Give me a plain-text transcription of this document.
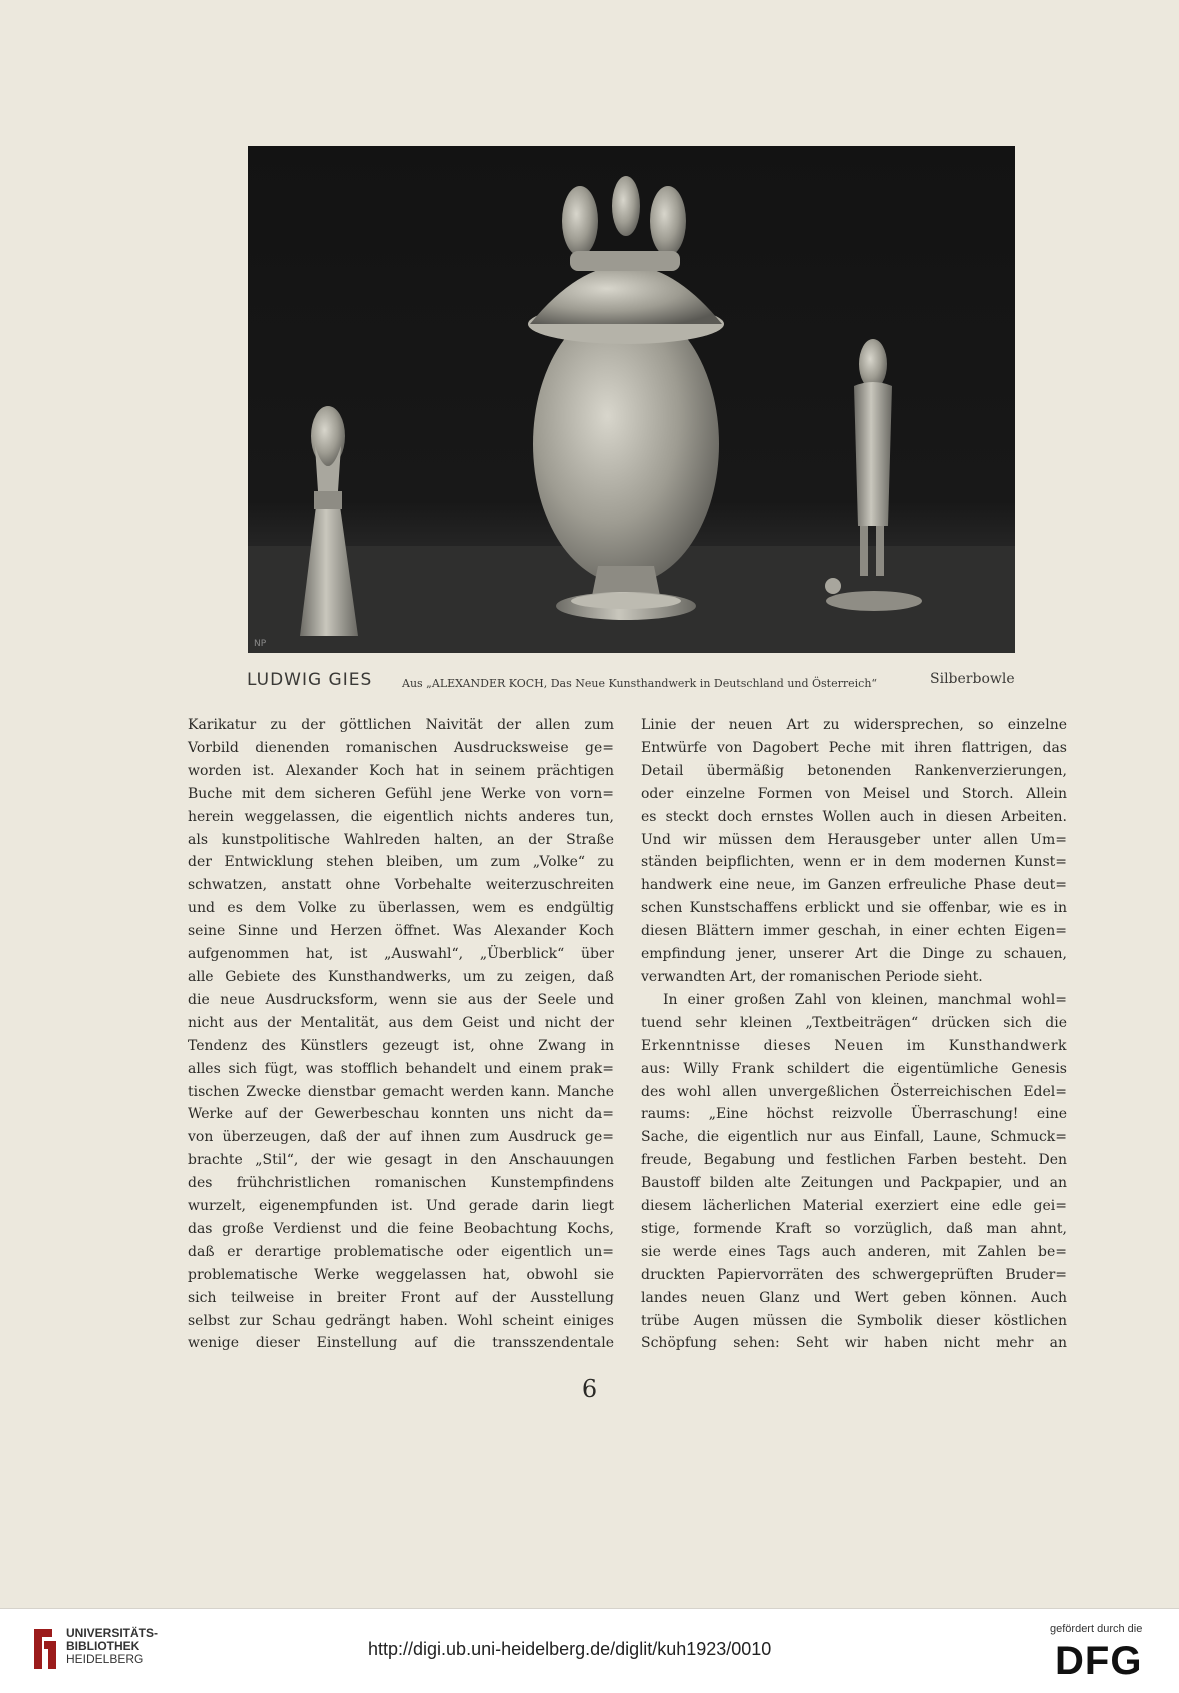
NP
LUDWIG GIES	Aus „ALEXANDER KOCH, Das Neue Kunsthandwerk in Deutschland und Österreich“	Silberbowle
Karikatur zu der göttlichen Naivität der allen zum
Vorbild dienenden romanischen Ausdrucksweise ge=
worden ist. Alexander Koch hat in seinem prächtigen
Buche mit dem sicheren Gefühl jene Werke von vorn=
herein weggelassen, die eigentlich nichts anderes tun,
als kunstpolitische Wahlreden halten, an der Straße
der Entwicklung stehen bleiben, um zum „Volke“ zu
schwatzen, anstatt ohne Vorbehalte weiterzuschreiten
und es dem Volke zu überlassen, wem es endgültig
seine Sinne und Herzen öffnet. Was Alexander Koch
aufgenommen hat, ist „Auswahl“, „Überblick“ über
alle Gebiete des Kunsthandwerks, um zu zeigen, daß
die neue Ausdrucksform, wenn sie aus der Seele und
nicht aus der Mentalität, aus dem Geist und nicht der
Tendenz des Künstlers gezeugt ist, ohne Zwang in
alles sich fügt, was stofflich behandelt und einem prak=
tischen Zwecke dienstbar gemacht werden kann. Manche
Werke auf der Gewerbeschau konnten uns nicht da=
von überzeugen, daß der auf ihnen zum Ausdruck ge=
brachte „Stil“, der wie gesagt in den Anschauungen
des frühchristlichen romanischen Kunstempfindens
wurzelt, eigenempfunden ist. Und gerade darin liegt
das große Verdienst und die feine Beobachtung Kochs,
daß er derartige problematische oder eigentlich un=
problematische Werke weggelassen hat, obwohl sie
sich teilweise in breiter Front auf der Ausstellung
selbst zur Schau gedrängt haben. Wohl scheint einiges
wenige dieser Einstellung auf die transszendentale
Linie der neuen Art zu widersprechen, so einzelne
Entwürfe von Dagobert Peche mit ihren flattrigen, das
Detail übermäßig betonenden Rankenverzierungen,
oder einzelne Formen von Meisel und Storch. Allein
es steckt doch ernstes Wollen auch in diesen Arbeiten.
Und wir müssen dem Herausgeber unter allen Um=
ständen beipflichten, wenn er in dem modernen Kunst=
handwerk eine neue, im Ganzen erfreuliche Phase deut=
schen Kunstschaffens erblickt und sie offenbar, wie es in
diesen Blättern immer geschah, in einer echten Eigen=
empfindung jener, unserer Art die Dinge zu schauen,
verwandten Art, der romanischen Periode sieht.
In einer großen Zahl von kleinen, manchmal wohl=
tuend sehr kleinen „Textbeiträgen“ drücken sich die
Erkenntnisse dieses Neuen im Kunsthandwerk
aus: Willy Frank schildert die eigentümliche Genesis
des wohl allen unvergeßlichen Österreichischen Edel=
raums: „Eine höchst reizvolle Überraschung! eine
Sache, die eigentlich nur aus Einfall, Laune, Schmuck=
freude, Begabung und festlichen Farben besteht. Den
Baustoff bilden alte Zeitungen und Packpapier, und an
diesem lächerlichen Material exerziert eine edle gei=
stige, formende Kraft so vorzüglich, daß man ahnt,
sie werde eines Tags auch anderen, mit Zahlen be=
druckten Papiervorräten des schwergeprüften Bruder=
landes neuen Glanz und Wert geben können. Auch
trübe Augen müssen die Symbolik dieser köstlichen
Schöpfung sehen: Seht wir haben nicht mehr an
6
UNIVERSITÄTS-
BIBLIOTHEK
HEIDELBERG	http://digi.ub.uni-heidelberg.de/diglit/kuh1923/0010
gefördert durch die
DFG
